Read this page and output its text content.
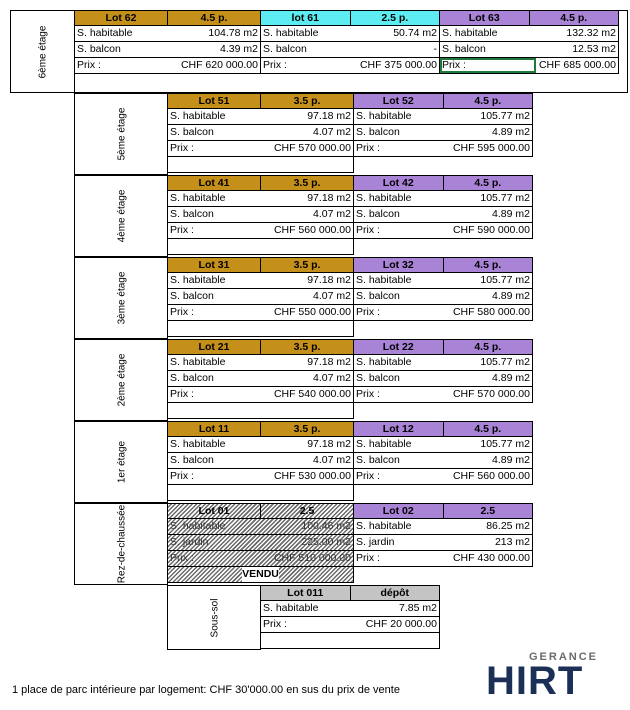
6ème étage
Lot 62	4.5 p.
S. habitable	104.78 m2
S. balcon	4.39 m2
Prix :	CHF 620 000.00
lot 61	2.5 p.
S. habitable	50.74 m2
S. balcon	-
Prix :	CHF 375 000.00
Lot 63	4.5 p.
S. habitable	132.32 m2
S. balcon	12.53 m2
Prix :	CHF 685 000.00
5ème étage
Lot 51	3.5 p.
S. habitable	97.18 m2
S. balcon	4.07 m2
Prix :	CHF 570 000.00
Lot 52	4.5 p.
S. habitable	105.77 m2
S. balcon	4.89 m2
Prix :	CHF 595 000.00
4ème étage
Lot 41	3.5 p.
S. habitable	97.18 m2
S. balcon	4.07 m2
Prix :	CHF 560 000.00
Lot 42	4.5 p.
S. habitable	105.77 m2
S. balcon	4.89 m2
Prix :	CHF 590 000.00
3ème étage
Lot 31	3.5 p.
S. habitable	97.18 m2
S. balcon	4.07 m2
Prix :	CHF 550 000.00
Lot 32	4.5 p.
S. habitable	105.77 m2
S. balcon	4.89 m2
Prix :	CHF 580 000.00
2ème étage
Lot 21	3.5 p.
S. habitable	97.18 m2
S. balcon	4.07 m2
Prix :	CHF 540 000.00
Lot 22	4.5 p.
S. habitable	105.77 m2
S. balcon	4.89 m2
Prix :	CHF 570 000.00
1er étage
Lot 11	3.5 p.
S. habitable	97.18 m2
S. balcon	4.07 m2
Prix :	CHF 530 000.00
Lot 12	4.5 p.
S. habitable	105.77 m2
S. balcon	4.89 m2
Prix :	CHF 560 000.00
Rez-de-chaussée	Lot 01	2.5
S. habitable	100.46 m2
S. jardin	225.00 m2
Prix :	CHF 510 000.00
VENDU
Lot 02	2.5
S. habitable	86.25 m2
S. jardin	213 m2
Prix :	CHF 430 000.00
Sous-sol
Lot 011	dépôt
S. habitable	7.85 m2
Prix :	CHF 20 000.00
1 place de parc intérieure par logement: CHF 30'000.00 en sus du prix de vente
GERANCE
HIRT
